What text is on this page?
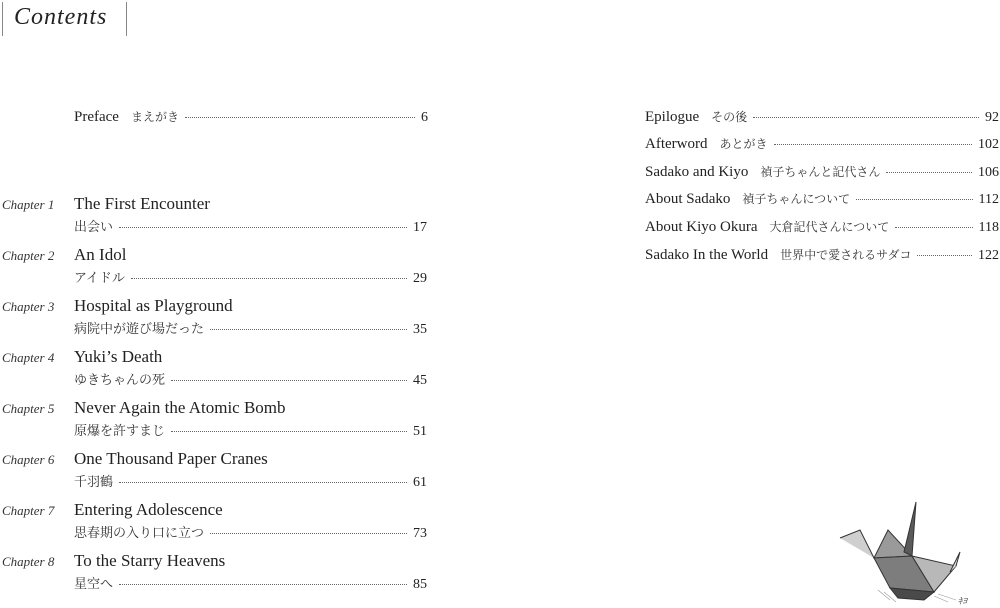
Contents
Preface まえがき	6
Chapter 1 The First Encounter
出会い	17
Chapter 2 An Idol
アイドル	29
Chapter 3 Hospital as Playground
病院中が遊び場だった	35
Chapter 4 Yuki’s Death
ゆきちゃんの死	45
Chapter 5 Never Again the Atomic Bomb
原爆を許すまじ	51
Chapter 6 One Thousand Paper Cranes
千羽鶴	61
Chapter 7 Entering Adolescence
思春期の入り口に立つ	73
Chapter 8 To the Starry Heavens
星空へ	85
Epilogue その後	92
Afterword あとがき	102
Sadako and Kiyo 禎子ちゃんと記代さん	106
About Sadako 禎子ちゃんについて	112
About Kiyo Okura 大倉記代さんについて	118
Sadako In the World 世界中で愛されるサダコ	122
ｷﾖ
